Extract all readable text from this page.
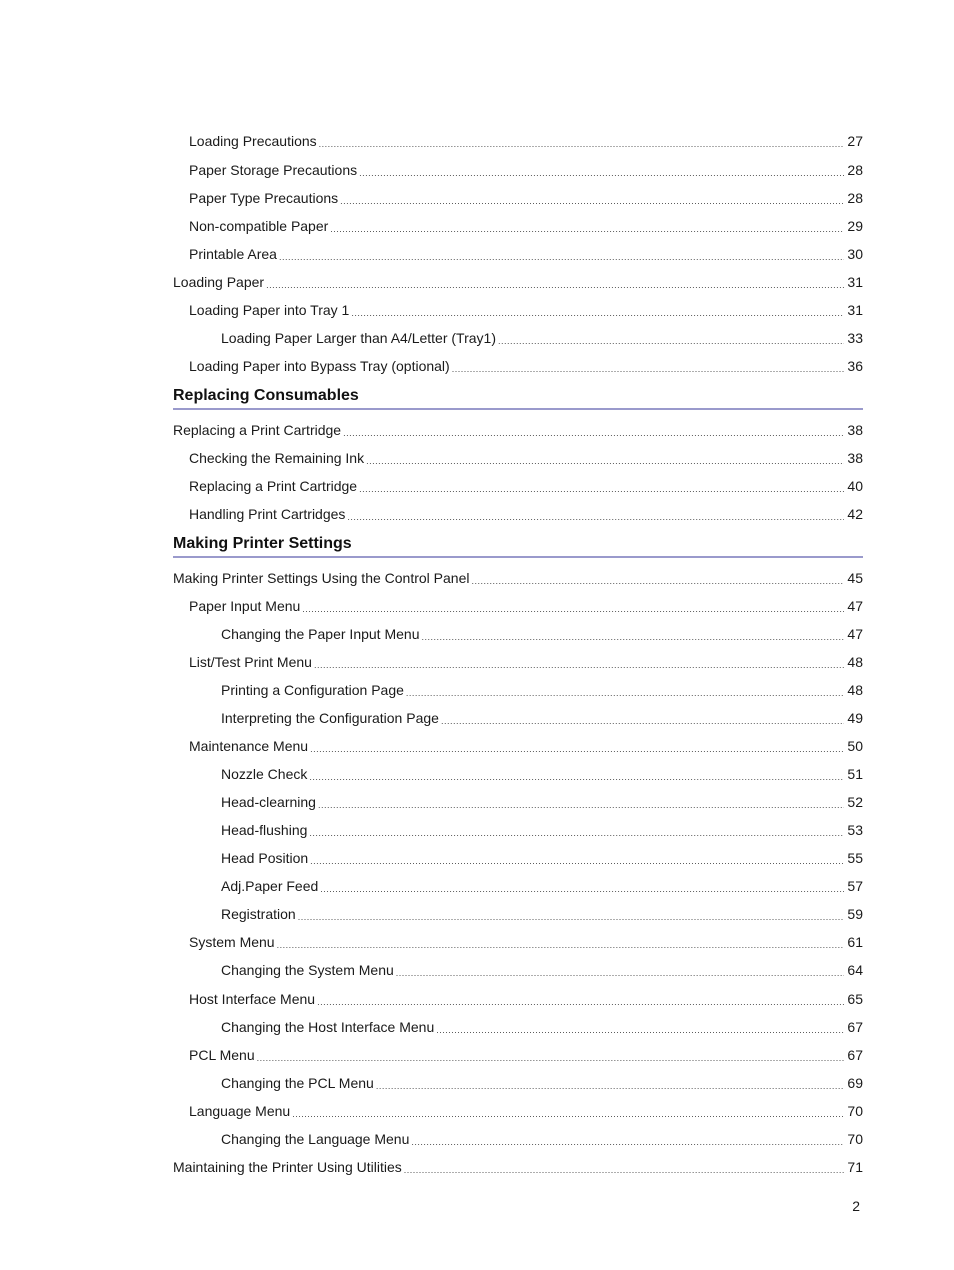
Loading Precautions .....	27
Paper Storage Precautions .....	28
Paper Type Precautions .....	28
Non-compatible Paper .....	29
Printable Area .....	30
Loading Paper .....	31
Loading Paper into Tray 1 .....	31
Loading Paper Larger than A4/Letter (Tray1) .....	33
Loading Paper into Bypass Tray (optional) .....	36
Replacing Consumables
Replacing a Print Cartridge .....	38
Checking the Remaining Ink .....	38
Replacing a Print Cartridge .....	40
Handling Print Cartridges .....	42
Making Printer Settings
Making Printer Settings Using the Control Panel .....	45
Paper Input Menu .....	47
Changing the Paper Input Menu .....	47
List/Test Print Menu .....	48
Printing a Configuration Page .....	48
Interpreting the Configuration Page .....	49
Maintenance Menu .....	50
Nozzle Check .....	51
Head-clearning .....	52
Head-flushing .....	53
Head Position .....	55
Adj.Paper Feed .....	57
Registration .....	59
System Menu .....	61
Changing the System Menu .....	64
Host Interface Menu .....	65
Changing the Host Interface Menu .....	67
PCL Menu .....	67
Changing the PCL Menu .....	69
Language Menu .....	70
Changing the Language Menu .....	70
Maintaining the Printer Using Utilities .....	71
2
